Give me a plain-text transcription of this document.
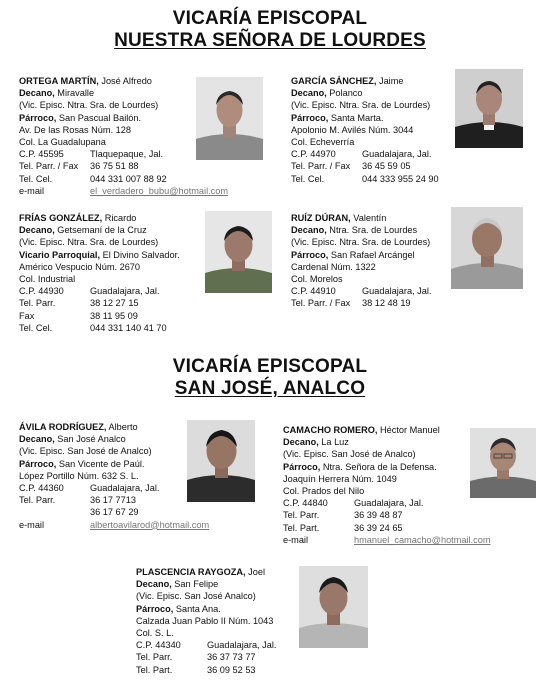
VICARÍA EPISCOPAL
NUESTRA SEÑORA DE LOURDES
ORTEGA MARTÍN, José Alfredo
Decano, Miravalle
(Vic. Episc. Ntra. Sra. de Lourdes)
Párroco, San Pascual Bailón.
Av. De las Rosas Núm. 128
Col. La Guadalupana
C.P. 45595	Tlaquepaque, Jal.
Tel. Parr. / Fax	36 75 51 88
Tel. Cel.	044 331 007 88 92
e-mail	el_verdadero_bubu@hotmail.com
GARCÍA SÁNCHEZ, Jaime
Decano, Polanco
(Vic. Episc. Ntra. Sra. de Lourdes)
Párroco, Santa Marta.
Apolonio M. Avilés Núm. 3044
Col. Echeverría
C.P. 44970	Guadalajara, Jal.
Tel. Parr. / Fax	36 45 59 05
Tel. Cel.	044 333 955 24 90
FRÍAS GONZÁLEZ, Ricardo
Decano, Getsemaní de la Cruz
(Vic. Episc. Ntra. Sra. de Lourdes)
Vicario Parroquial, El Divino Salvador.
Américo Vespucio Núm. 2670
Col. Industrial
C.P. 44930	Guadalajara, Jal.
Tel. Parr.	38 12 27 15
Fax	38 11 95 09
Tel. Cel.	044 331 140 41 70
RUÍZ DÚRAN, Valentín
Decano, Ntra. Sra. de Lourdes
(Vic. Episc. Ntra. Sra. de Lourdes)
Párroco, San Rafael Arcángel
Cardenal Núm. 1322
Col. Morelos
C.P. 44910	Guadalajara, Jal.
Tel. Parr. / Fax	38 12 48 19
VICARÍA EPISCOPAL
SAN JOSÉ, ANALCO
ÁVILA RODRÍGUEZ, Alberto
Decano, San José Analco
(Vic. Episc. San José de Analco)
Párroco, San Vicente de Paúl.
López Portillo Núm. 632 S. L.
C.P. 44360	Guadalajara, Jal.
Tel. Parr.	36 17 7713
36 17 67 29
e-mail	albertoavilarod@hotmail.com
CAMACHO ROMERO, Héctor Manuel
Decano, La Luz
(Vic. Episc. San José de Analco)
Párroco, Ntra. Señora de la Defensa.
Joaquín Herrera Núm. 1049
Col. Prados del Nilo
C.P. 44840	Guadalajara, Jal.
Tel. Parr.	36 39 48 87
Tel. Part.	36 39 24 65
e-mail	hmanuel_camacho@hotmail.com
PLASCENCIA RAYGOZA, Joel
Decano, San Felipe
(Vic. Episc. San José Analco)
Párroco, Santa Ana.
Calzada Juan Pablo II Núm. 1043
Col. S. L.
C.P. 44340	Guadalajara, Jal.
Tel. Parr.	36 37 73 77
Tel. Part.	36 09 52 53
